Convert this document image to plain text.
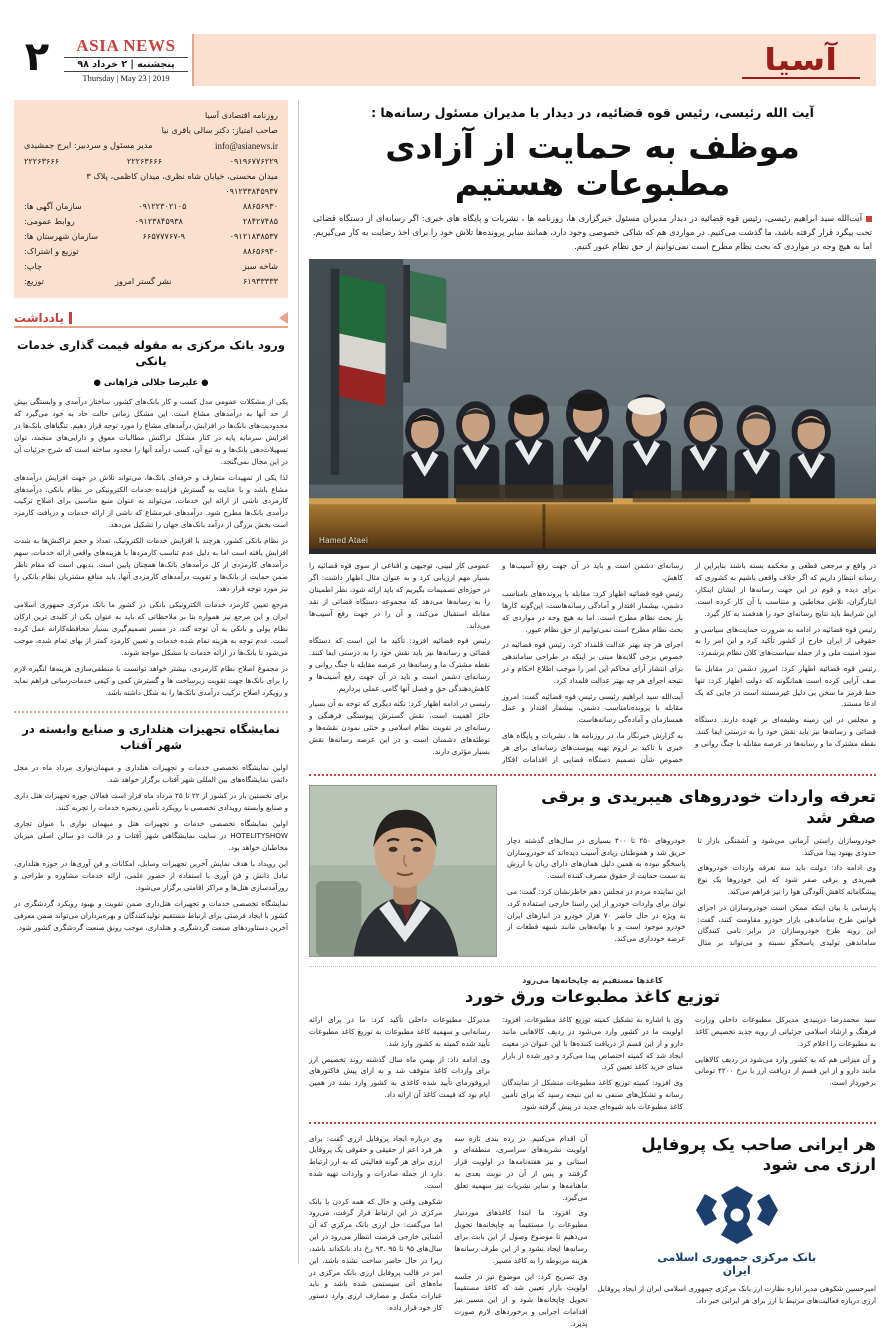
آسیا
ASIA NEWS
پنجشنبه | ۲ خرداد ۹۸
Thursday | May 23 | 2019
۲
آیت الله رئیسی، رئیس قوه قضائیه، در دیدار با مدیران مسئول رسانه‌ها :
موظف به حمایت از آزادی مطبوعات هستیم
آیت‌الله سید ابراهیم رئیسی، رئیس قوه قضائیه در دیدار مدیران مسئول خبرگزاری ها، روزنامه ها ، نشریات و پایگاه های خبری: اگر رسانه‌ای از دستگاه قضائی تحت پیگرد قرار گرفته باشد، ما گذشت می‌کنیم. در مواردی هم که شاکی خصوصی وجود دارد، همانند سایر پرونده‌ها تلاش خود را برای اخذ رضایت به کار می‌گیریم. اما به هیچ وجه در مواردی که بحث نظام مطرح است نمی‌توانیم از حق نظام عبور کنیم.
Hamed Ataei

در واقع و مرجعی قطعی و محکمه بسته باشند بنابراین از رسانه انتظار داریم که اگر خلاف واقعی باشیم به کشوری که برای دیده و قوم در این جهت رسانه‌ها از ایشان اینکار، ایثارگران، تلاش مخاطبی و متناسب با آن کار کرده است. این شرایط باید نتایج رسانه‌ای خود را هدفمند به کار گیرد.

رئیس قوه قضائیه در ادامه به ضرورت حمایت‌های سیاسی و حقوقی از ایران خارج از کشور تأکید کرد و این امر را به سود امنیت ملی و از جمله سیاست‌های کلان نظام برشمرد.

رئیس قوه قضائیه اظهار کرد: امروز دشمن در مقابل ما صف آرایی کرده است همانگونه که دولت اظهار کرد: تنها خط قرمز ما سخن بی دلیل غیرمستند است در جایی که یک ادعا مستند.

و مجلس در این زمینه وظیفه‌ای بر عهده دارند. دستگاه قضائی و رسانه‌ها نیز باید نقش خود را به درستی ایفا کنند. نقطه مشترک ما و رسانه‌ها در عرصه مقابله با جنگ روانی و رسانه‌ای دشمن است و باید در آن جهت رفع آسیب‌ها و کاهش.

رئیس قوه قضائیه اظهار کرد: مقابله با پرونده‌های نامناسب دشمن، بیشمار اقتدار و آمادگی رسانه‌هاست، این‌گونه کارها بار بحث نظام مطرح است. اما به هیچ وجه در مواردی که بحث نظام مطرح است نمی‌توانیم از حق نظام عبور.

اجرای هر چه بهتر عدالت قلمداد کرد. رئیس قوه قضائیه در خصوص برخی گلایه‌ها مبنی بر اینکه در طراحی ساماندهی برای انتشار آرای محاکم این امر را موجب اطلاع احکام و در نتیجه اجرای هر چه بهتر عدالت قلمداد کرد.

آیت‌الله سید ابراهیم رئیسی رئیس قوه قضائیه گفت: امروز مقابله با پرونده‌نامناسب دشمن، بیشمار اقتدار و عمل همسازمان و آماده‌گی رسانه‌هاست.

به گزارش خبرنگار ما، در روزنامه ها ، نشریات و پایگاه های خبری با تاکید بر لزوم تهیه پیوست‌های رسانه‌ای برای هر خصوص شأن تصمیم دستگاه قضایی از اقدامات افکار عمومی کار لبیبی، توجیهی و اقناعی از سوی قوه قضائیه را بسیار مهم ارزیابی کرد و به عنوان مثال اظهار داشت: اگر در حوزه‌ای تصمیمات بگیریم که باید ارائه شود، نظر اطمینان را به رسانه‌ها می‌دهد که مجموعه دستگاه قضائی از نقد مقابله استقبال می‌کند، و آن را در جهت رفع آسیب‌ها می‌داند.

رئیس قوه قضائیه افزود: تأکید ما این است که دستگاه قضائی و رسانه‌ها نیز باید نقش خود را به درستی ایفا کنند. نقطه مشترک ما و رسانه‌ها در عرصه مقابله با جنگ روانی و رسانه‌ای دشمن است و باید در آن جهت رفع آسیب‌ها و کاهش‌دهندگی حق و فصل آنها گامی عملی برداریم.

رئیسی در ادامه اظهار کرد: نکته دیگری که توجه به آن بسیار حائز اهمیت است، نقش گسترش پیوستگی فرهنگی و رسانه‌ای در تقویت نظام اسلامی و خنثی نمودن نقشه‌ها و توطئه‌های دشمنان است و در این عرصه رسانه‌ها نقش بسیار مؤثری دارند.

تعرفه واردات خودروهای هیبریدی و برقی صفر شد

خودروسازان راستی آرمانی می‌شود و آشفتگی بازار تا حدودی بهبود پیدا می‌کند.

وی ادامه داد: دولت باید سه تعرفه واردات خودروهای هیبریدی و برقی صفر شود که این خودروها یک نوع پیشگامانه کاهش آلودگی هوا را نیز فراهم می‌کند.

پارسایی با بیان اینکه ممکن است خودروسازان در اجرای قوانین طرح ساماندهی بازار خودرو مقاومت کنند، گفت: این رویه طرح خودروسازان در برابر نامی کنندگان ساماندهی تولیدی پاسخگو نسبته و می‌تواند بر مثال خودروهای ۲۵۰ تا ۴۰۰ بسیاری در سال‌های گذشته دچار حریق شد و هموطنان زیادی آسیب دیده‌اند که خودروسازان پاسخگو نبوده به همین دلیل همان‌های دارای زیان با ارزش به سمت حمایت از حقوق مصرف کننده است.

این نماینده مردم در مجلس دهم خاطرنشان کرد: گفت: می توان برای واردات خودرو از این راستا خارجی استفاده کرد، به ویژه در حال حاضر ۷۰ هزار خودرو در انبارهای ایران خودرو موجود است و با بهانه‌هایی مانند شبهه قطعات از عرضه خودداری می‌کند.

کاغذها مستقیم به چاپخانه‌ها می‌رود
توزیع کاغذ مطبوعات ورق خورد

سید محمدرضا درینیدی مدیرکل مطبوعات داخلی وزارت فرهنگ و ارشاد اسلامی جزئیاتی از رویه جدید تخصیص کاغذ به مطبوعات را اعلام کرد.

و آن میزانی هم که به کشور وارد می‌شود در ردیف کالاهایی مانند دارو و از این قسم از دریافت ارز با نرخ ۴۲۰۰ تومانی برخوردار است.

وی با اشاره به تشکیل کمیته توزیع کاغذ مطبوعات، افزود: اولویت ما در کشور وارد می‌شود در ردیف کالاهایی مانند دارو و از این قسم از دریافت کننده‌ها با این عنوان در معیت ایجاد شد که کمیته اختصاص پیدا می‌کرد و دور شده از بازار مبنای خرید کاغذ تعیین کرد.

وی افزود: کمیته توزیع کاغذ مطبوعات متشکل از نمایندگان رسانه و تشکل‌های صنفی به این نتیجه رسید که برای تأمین کاغذ مطبوعات باید شیوه‌ای جدید در پیش گرفته شود.

مدیرکل مطبوعات داخلی تأکید کرد: ما در برای ارائه رسانه‌ایی و سهمیه کاغذ مطبوعات به توزیع کاغذ مطبوعات تأیید شده کمیته به کشور وارد شد.

وی ادامه داد: از بهمن ماه سال گذشته روند تخصیص ارز برای واردات کاغذ متوقف شد و به ازای پیش فاکتورهای اپروفورمای تأیید شده کاغذی به کشور وارد نشد در همین ایام بود که قیمت کاغذ آن ارائه داد.

هر ایرانی صاحب یک پروفایل ارزی می شود
بانک مرکزی جمهوری اسلامی ایران

امیرحسین شکوهی مدیر اداره نظارت ارز بانک مرکزی جمهوری اسلامی ایران از ایجاد پروفایل ارزی درباره فعالیت‌های مرتبط با ارز برای هر ایرانی خبر داد.

آن اقدام می‌کنیم. در رده بندی تازه سه اولویت نشریه‌های سراسری، منطقه‌ای و استانی و نیز هفته‌نامه‌ها در اولویت قرار گرفتند و پس از آن در نوبت بعدی به ماهنامه‌ها و سایر نشریات نیز سهمیه تعلق می‌گیرد.

وی افزود: ما ابتدا کاغذهای موردنیاز مطبوعات را مستقیماً به چاپخانه‌ها تحویل می‌دهیم تا موضوع وصول از این بابت برای رسانه‌ها ایجاد نشود و از این طرف رسانه‌ها هزینه مربوطه را به کاغذ مسیر.

وی تصریح کرد: این موضوع نیز در جلسه اولویت بازار تعیین شد که کاغذ مستقیماً تحویل چاپخانه‌ها شود و از این مسیر نیز اقدامات اجرایی و برخوردهای لازم صورت پذیرد.

وی درباره ایجاد پروفایل ارزی گفت: برای هر فرد اعم از حقیقی و حقوقی یک پروفایل ارزی برای هر گونه فعالیتی که به ارز ارتباط دارد از جمله صادرات و واردات تهیه شده است.

شکوهی وقتی و حال که همه کردن با بانک مرکزی در این ارتباط قرار گرفت، می‌رود اما می‌گفت: حل ارزی بانک مرکزی که آن آشنایی خارجی فرصت انتظار می‌رود در این سال‌های ۹۵ تا ۹۵ .۹۴ رخ داد بانکداند باشد، زیرا در حال حاضر ساخت نشده باشد، این امر در قالب پروفایل ارزی بانک مرکزی در ماه‌های آتی سیستمی شده باشد و باید عبارات مکمل و مصارف ارزی وارد دستور کار خود قرار داده.

روزنامه اقتصادی آسیا
صاحب امتیاز: دکتر سالی باقری نیا
مدیر مسئول و سردبیر: ایرج جمشیدی	info@asianews.ir
۲۲۲۶۳۶۶۶	۲۲۲۶۳۶۶۶	۰۹۱۹۶۷۷۶۲۲۹
میدان محسنی، خیابان شاه نظری، میدان کاظمی، پلاک ۳
۰۹۱۲۳۳۸۴۵۹۳۷
سازمان آگهی ها:	۰۹۱۲۲۳۰۲۱۰۵	۸۸۶۵۶۹۳۰
روابط عمومی:	۰۹۱۲۳۸۴۵۹۳۸	۲۸۴۲۷۴۸۵
سازمان شهرستان ها:	۶۶۵۷۷۷۶۷-۹	۰۹۱۲۱۸۳۸۵۳۷
توزیع و اشتراک:	۸۸۶۵۶۹۳۰
چاپ:	شاخه سبز
توزیع:	نشر گستر امروز	۶۱۹۳۳۳۳۳
یادداشت
ورود بانک مرکزی به مقوله قیمت گذاری خدمات بانکی
● علیرضا جلالی فراهانی ●

یکی از مشکلات عمومی مدل کسب و کار بانک‌های کشور، ساختار درآمدی و وابستگی بیش از حد آنها به درآمدهای مشاع است. این مشکل زمانی حالت حاد به خود می‌گیرد که محدودیت‌های بانک‌ها در افزایش درآمدهای مشاع را مورد توجه قرار دهیم. تنگناهای بانک‌ها در افزایش سرمایه پایه در کنار مشکل تراکنش مطالبات معوق و دارایی‌های منجمد، توان تسهیلات‌دهی بانک‌ها و به تبع آن، کسب درآمد آنها را محدود ساخته است که شرح جزئیات آن در این مجال نمی‌گنجد.

لذا یکی از تمهیدات متعارف و حرفه‌ای بانک‌ها، می‌تواند تلاش در جهت افزایش درآمدهای مشاع باشد و با عنایت به گسترش فزاینده خدمات الکترونیکی در نظام بانکی، درآمدهای کارمزدی ناشی از ارائه این خدمات، می‌تواند به عنوان منبع مناسبی برای اصلاح ترکیب درآمدی بانک‌ها مطرح شود. درآمدهای غیرمشاع که ناشی از ارائه خدمات و دریافت کارمزد است بخش بزرگی از درآمد بانک‌های جهان را تشکیل می‌دهد.

در نظام بانکی کشور، هرچند با افزایش خدمات الکترونیک، تعداد و حجم تراکنش‌ها به شدت افزایش یافته است اما به دلیل عدم تناسب کارمزدها با هزینه‌های واقعی ارائه خدمات، سهم درآمدهای کارمزدی از کل درآمدهای بانک‌ها همچنان پایین است. بدیهی است که مقام ناظر ضمن حمایت از بانک‌ها و تقویت درآمدهای کارمزدی آنها، باید منافع مشتریان نظام بانکی را نیز مورد توجه قرار دهد.

مرجع تعیین کارمزد خدمات الکترونیکی بانکی در کشور ما بانک مرکزی جمهوری اسلامی ایران و این مرجع نیز همواره بنا بر ملاحظاتی که باید به عنوان یکی از کلیدی ترین ارکان نظام پولی و بانکی به آن توجه کند، در مسیر تصمیم‌گیری بسیار محافظه‌کارانه عمل کرده است. عدم توجه به هزینه تمام شده خدمات و تعیین کارمزد کمتر از بهای تمام شده، موجب می‌شود تا بانک‌ها در ارائه خدمات با مشکل مواجه شوند.

در مجموع اصلاح نظام کارمزدی، بیشتر خواهد توانست با منطقی‌سازی هزینه‌ها انگیزه لازم را برای بانک‌ها جهت تقویت زیرساخت ها و گسترش کمی و کیفی خدمات‌رسانی فراهم نماید و رویکرد اصلاح ترکیب درآمدی بانک‌ها را به شکل داشته باشد.

نمایشگاه تجهیزات هتلداری و صنایع وابسته در شهر آفتاب

اولین نمایشگاه تخصصی خدمات و تجهیزات هتلداری و میهمان‌نوازی مرداد ماه در محل دائمی نمایشگاه‌های بین المللی شهر آفتاب برگزار خواهد شد.

برای نخستین بار در کشور از ۲۲ تا ۲۵ مرداد ماه قرار است فعالان حوزه تجهیزات هتل داری و صنایع وابسته رویدادی تخصصی با رویکرد تأمین زنجیره خدمات را تجربه کنند.

اولین نمایشگاه تخصصی خدمات و تجهیزات هتل و میهمان نوازی با عنوان تجاری HOTELITYSHOW در سایت نمایشگاهی شهر آفتاب و در قالب دو سالن اصلی میزبان مخاطبان خواهد بود.

این رویداد با هدف نمایش آخرین تجهیزات وسایل، امکانات و فن آوری‌ها در حوزه هتلداری، تبادل دانش و فن آوری با استفاده از حضور علمی، ارائه خدمات مشاوره و طراحی و روزآمدسازی هتل‌ها و مراکز اقامتی برگزار می‌شود.

نمایشگاه تخصصی خدمات و تجهیزات هتل‌داری ضمن تقویت و بهبود رویکرد گردشگری در کشور با ایجاد فرصتی برای ارتباط مستقیم تولیدکنندگان و بهره‌برداران می‌تواند ضمن معرفی آخرین دستاوردهای صنعت گردشگری و هتلداری، موجب رونق صنعت گردشگری کشور شود.
